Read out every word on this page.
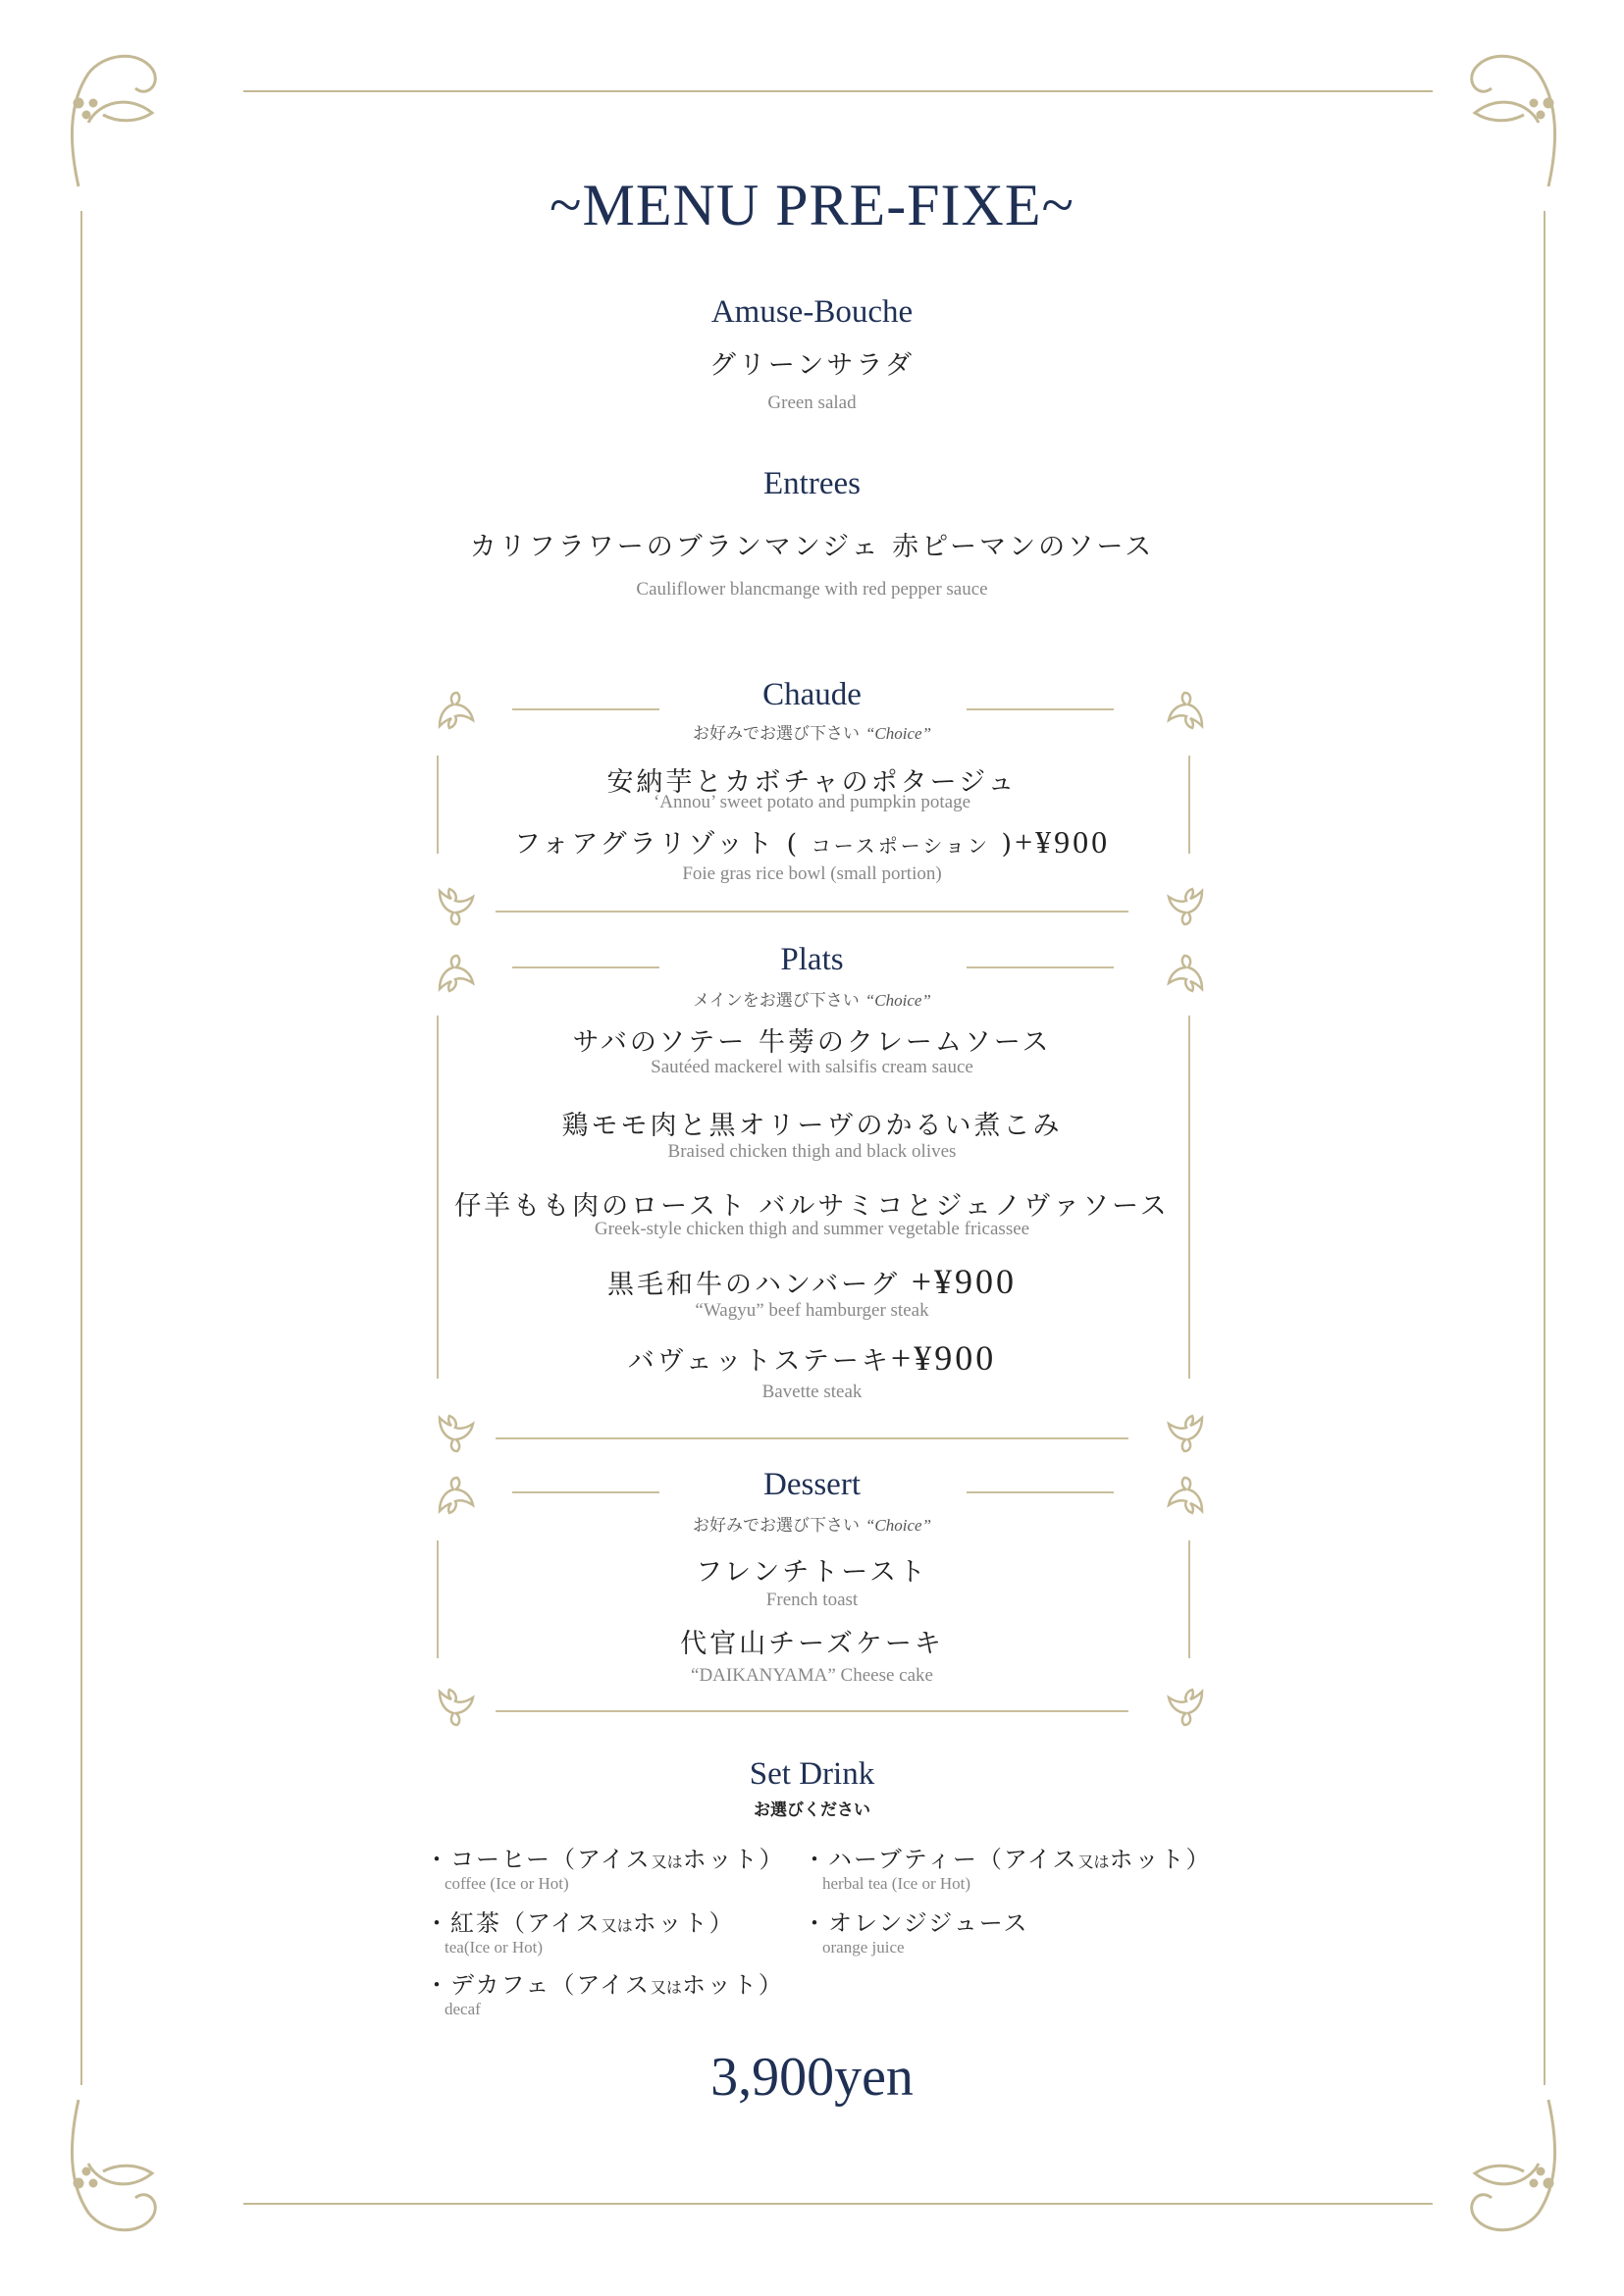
~MENU PRE-FIXE~
Amuse-Bouche
グリーンサラダ
Green salad
Entrees
カリフラワーのブランマンジェ 赤ピーマンのソース
Cauliflower blancmange with red pepper sauce
Chaude
お好みでお選び下さい “Choice”
安納芋とカボチャのポタージュ
‘Annou’ sweet potato and pumpkin potage
フォアグラリゾット ( コースポーション )+¥900
Foie gras rice bowl (small portion)
Plats
メインをお選び下さい “Choice”
サバのソテー 牛蒡のクレームソース
Sautéed mackerel with salsifis cream sauce
鶏モモ肉と黒オリーヴのかるい煮こみ
Braised chicken thigh and black olives
仔羊もも肉のロースト バルサミコとジェノヴァソース
Greek-style chicken thigh and summer vegetable fricassee
黒毛和牛のハンバーグ +¥900
“Wagyu” beef hamburger steak
バヴェットステーキ+¥900
Bavette steak
Dessert
お好みでお選び下さい “Choice”
フレンチトースト
French toast
代官山チーズケーキ
“DAIKANYAMA” Cheese cake
Set Drink
お選びください
・コーヒー（アイス又はホット）
coffee (Ice or Hot)
・ハーブティー（アイス又はホット）
herbal tea (Ice or Hot)
・紅茶（アイス又はホット）
tea(Ice or Hot)
・オレンジジュース
orange juice
・デカフェ（アイス又はホット）
decaf
3,900yen
